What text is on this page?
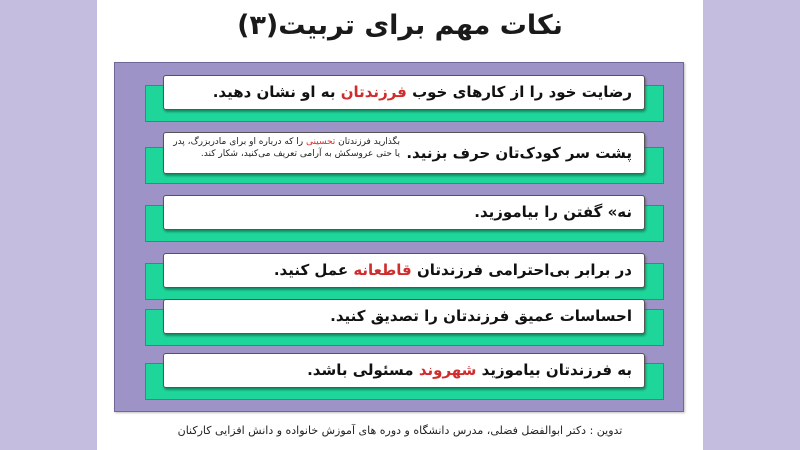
نکات مهم برای تربیت(۳)
رضایت خود را از کارهای خوب فرزندتان به او نشان دهید.
پشت سر کودک‌تان حرف بزنید.
بگذارید فرزندتان تحسینی را که درباره او برای مادربزرگ، پدر یا حتی عروسکش به آرامی تعریف می‌کنید، شکار کند.
نه» گفتن را بیاموزید.
در برابر بی‌احترامی فرزندتان قاطعانه عمل کنید.
احساسات عمیق فرزندتان را تصدیق کنید.
به فرزندتان بیاموزید شهروند مسئولی باشد.
تدوین : دکتر ابوالفضل فضلی، مدرس دانشگاه و دوره های آموزش خانواده و دانش افزایی کارکنان
